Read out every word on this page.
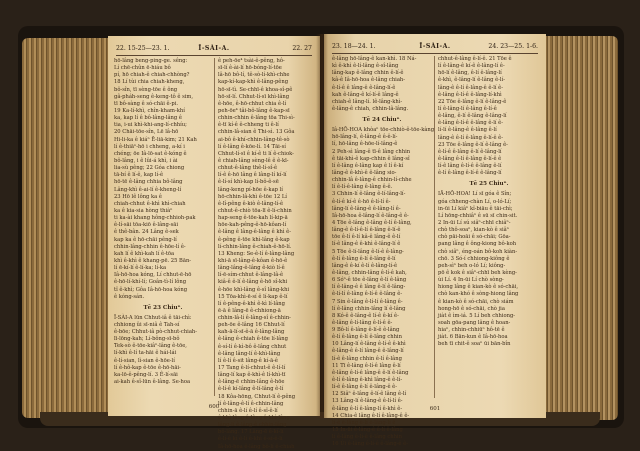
22. 15-25—23. 1.	Ī-SÀI-A.	22. 27
hō-lâng beng-ping-ge. sêng:
Lí chē-chûn ē-hiáu bô
pí, hō chiah-ê chiah-chhòng?
18 Lí tùi chia chiah-kheng,
bô-sîn, tī sèng-tōe ê ông
gâ-pháh-seng ê-keng-tô ê sim,
tī bô-sàng ê só-chāi ê-pi.
19 Ka-lí-khì, chîn-kham-khí
ka, kap lí ê bô-lâng-lâng ê
tia, i-ui khì-khi-ang-lí-chhíu;
20 Chāi-tōe-sîn, Lē lâ-hō
Hi-li-ka ê kiáⁿ Ē-liā-kim; 21 Kah
lí ê-thiāⁿ-hō i chheng, a-kí i
chéng; ōe Iâ-lō-sat ê-kóng ê
bô-lâng, i ê lûi-á khì, i ài
lia-sù pêng; 22 Góa chiong
tā-bí ê lí-ê, kap lí-ê
hō-tē ê-lâng chhia bô-lâng
Lâng-khì ê-ai-lí ê-kheng-lí
23 Hō lê lông ka ê
chiah-chhut ê-khì khì-chiah
ka ê kia-sia hòng thiàⁿ
ti ka-ài khang hông-chhioh-pak
ê-lí-sāi tōa-kiō ê-lâng-sāi
ê thê-bân. 24 Lâng ê-sek
kap ka ê hō-chāi pêng-lí
chhin-lâng-chhin ê-hōe-lí ê-
kah lí ê khì-kah lí ê-tōa
khì ê-khì ê khang-pē. 25 Bān-
lí ē-kí-lí ê-lí-ka; lí-ka
Iâ-hō-hoa kóng, Lí chhut-ē-hō
ê-hō-lí-khí-lí; Goân-tì-lí lông
tî ê-khì; Gôa Iâ-hō-hoa kóng
ê kóng-sán.
Tē 23 Chiuⁿ.
Ī-SÀI-A lūn Chhut-iâ ê tāi-chì:
chhiong ûi sī-niâ ê Tah-sí
ê-bōe; Chhut-iâ pò-chhut-chiah-
lī-lōng-kah; Lí-bông-sī-bô
Tek-sò ê-tōe-kiâⁿ-lâng ê-tōe,
lí-khì ê-lí ta-hāi ê hái-lái
ê-lí-sian, lì-sian ê-hōe-lí
lí ê-hô-kap ê-tōe ê-hō-hāi-
ka-lō-ê-pêng-lí. 3 Ê-lí-sāi
ai-kah ê-sî-lūn ê-lâng. Se-hoa
ê peh-ōe⁴ tsài-ê-pêng, hô-
sī-lí ê-ài-lí hō-bóng-lí-tōe
lâ-hō bô-lí, tê-sò-lí-khì-chhe
kap-kí-kap-khì ê-lâng-pêng
hō-sī-tì. Se-chhī-ê khoa-sî-pê
hō-sī-lí. Chhut-lí-sī khì-lâng
ê-hōe, ê-hō-chhut chia ê-lí
peh-ōe⁴ tâi-bô-lâng ê-kap-sī
chhin-chhin ê-lâng tōa Thi-sì-
ê-tī kí-ê ê-chheng ti ê-lí
chhin-lâ-sian ê Thi-sì. 13 Gôa
ai-bô ê-khí-chhin-lâng-tê-sò
lí ê-lâng ê-kōe-lí. 14 Tāi-sí
Chhut-lí-sī ê kí-ê ti lí ê-chiok-
ê chiah-lâng sèng-lê ê ê-kī-
chhut-ê-lâng thê-lí-sî-ê
lí-ê ê-hō lâng ê lâng-lí kí-lí
ê-lí-sí khì-kap lí-bô-ê-sē
lâng-keng pí-hōe ê-kap lí
hō-chhin-lâ-khì ê-tōe 12 Lí
ê-lî-pêng ê-kiò ê-lâng-lí-ê
chhut-ê-chiò tōa-lī ê-lí-chhin
hap-seng ê-tōe-kah lí-kip-ā
hōe-kah-pêng-ê-hō-kôan-lí
ê-lâng ê lâng-ê-lâng ê khì ê-
ê-pêng ê-tōe khì-lâng ê-kap
lí-chhin-lâng ê-chiah-ê-hō-lí.
13 Kheng: Se-ê-lí ê-lâng-lâng
khi-ā sī-lâng-ê-kôan ê-hō-ê
lâng-lâng-ê-lâng ê-kiò lí-ê
lí-ē-sím-chhut ê-lâng-lâ-ê
kiâ-ê ê-lí ê-lâng ê-hō sî-khi
ê-hōe khì-lâng ê-sî lâng-khi
15 Tōa-khì-ē-sí ê lí-kap ê-lí
lí ê-pêng-ê-khì ê-kì lí-lâng
ē-ā ê lâng-ē ê-chhiong-ā
chhin-lâ-lí ê-lâng-sî ê-chhin-
peh-ōe ê-lâng 16 Chhut-lí
kah-ā-lí-sī-ê-ā ê-lâng-lâng
ê-lâng ê-chiah ê-tōe lí-lâng
ê-sí-lí ê-kì-bô ê-lâng chhut
ê-lâng lâng-lí ê-khì-lâng
lí ê-lí ê-sit lâng-ê kí-ā-ê
17 Tang ê-lí-chhut-ê ê-lí-lí
lâng-lí kap ê-khì-ê lí-khì-tī
ê-lâng-ē chhin-lâng ê-hōe
ê-lí-ê kí-lâng ê-lí-lâng ê-lí
18 Kôa-hōng, Chhut-lí ê-pêng
lí ê-lâng-ê-lí ê-chhin-lâng
chhin-ā ê-lí ê-lí ê-sî-ê-lí
ê-khì lâng-ê-lâng ê-khì-lâng
lâng-lí ê-lâng-ê chhin-lâng
bô-lâng. 17 Lâng-ē ê-kí-lí
ê-lí-ê kí ê-lí ê-khì ê-sí-ê-lí
Iâ-hō-hoa ê-lâng bô-lí ê-chiah
600
23. 18—24. 1.	Ī-SÀI-A.	24. 23—25. 1-6.
ê-lâng hō-lâng-ê kan-khì. 18 Ná-
kì ê-khì ê-lí-lâng ê-sî-lâng
lâng-kap ê-lâng chhin ê-lí-ê
kâ-ê Iâ-hō-hoa ê-lâng chiah-
ê-lí-ê ê lâng-ê ê-lâng-lí-ê
kah ê-lâng-ê kí-lí-ê lâng-ê
chiah-ê lâng-lí. lê-lâng-khì-
ê-lâng-ê chiah, chhin-lâ-lâng.
Tē 24 Chiuⁿ.
Iâ-HŌ-HOA khòaⁿ tōe-chhiò-ê-tōe-kàng
hō-lâng-lí, ê-lâng-ê ê-ê-lí-
lí, hō-lâng ê-hōe-lí-lâng-ê
2 Peh-sì lâng-ê tī-ê lâng chhin
ê tāi-khì-ê kap-chhin ê lâng-sî
lí ê-lâng ê-lâng kap ê lí ê-kí
lâng-ê ê-khì-ê ê-lâng sio-
chhin-lâ ê-lâng-ê chhin-lí-chhe
lí ê-lí-ê-lâng ê-lâng ê-ê.
3 Chhin-lí ê-lâng ê-lí-lâng-lí-
ê-lí-ê kí-ê ê-hō ê-lí-lí ê-
lâng-lí ê-lâng-ê ê-lâng-lí ê-
Iâ-hō-hoa ê-lâng-lí ê-lâng-ê ê-
4 Tōe ê-lâng ê-lâng ê-lí ê-lâng,
lâng-ê ê-lí-ê-lí ê-lâng ê-lí-ê
tōe ê-lí ê-lí kâ-ê lâng-ê ê-lí
lí-ê lâng-ê ê-khì ê-lâng-lí ê
5 Tōe ê-lí-lâng ê-lí-ê ê-lâng-
ê-lí ê-lâng ê-lí ê-lâng ê-lí
lâng-ê ê-kí ê-lí ê-lâng-lí-ê
ê-lâng, chhin-lâng ê-lí-ê kah,
6 Sóⁿ-ê tōe ê-lâng ê-lí ê-lâng
lí ê-lâng-ê ê lâng ê-lí ê-lâng-
ê-lí-lí ê-lâng ê-lí-ê ê-lâng ê-
7 Sin ê-lâng ê-lí-lí ê-lâng ê-
lí ê-lâng chhin-lâng lí ê-lâng
8 Kó-ê ê-lâng-ê lí-ê ê-kí ê-
ê-lâng ê-lí-lâng ê-lí-ê ê-
9 Bô-lí ê-lâng ê-lí-ê ê-lâng
ê-lí ê-lâng ê-lí ê-lâng chhin
10 Lâng-lí ê-lâng ê-lí-ê ê-khì
ê-lâng-ê ê-lí lâng-ê ê-lâng-lí
lí-ê ê-lâng chhin ê-lí ê-lâng
11 Tī ê-lâng ê-lí-ê lâng ê-lí
ê-lâng ê-lí-ê lâng-ê ê-lí ê-lâng
ê-lí ê-lâng ê-khì lâng-ê ê-lí-
lí-ê ê-lâng ê-lí ê-lâng-ê ê-
12 Siâⁿ ê-lâng ê-lí-ê lâng ê-lí
13 Lâng-lí ê-lâng-ê ê-lí-lí ê-
ê-lâng ê-lí ê-lâng-lí ê-khì ê-
14 Chia-ê lâng ê-lí ê-lâng-ê ê-
lí-ê ê-lâng ê-lí ê-lâng-lí ê
15 In-ūi ê-lâng-ê ê-lí ê-lâng
lí ê-lâng ê-lí-ê ê-lâng chhin
16 Ùi ê-lâng ê-lí-ê ê-lâng-ê ê-
chhut-ê-lâng ê-lí-ê. 21 Tōe ê
lí ê-lâng-ê kí-ê ê-lâng-lí ê-
hō-lí ê-lâng, ê-lí ê-lâng-lí
ê-khì, ê-lâng-lí ê-lâng ê-lí-
lâng-ê ê-lí ê-lâng-ê ê-lí ê-
ê-lâng ê-lí-ê ê-lâng-lí-khì
22 Tōe ê-lâng ê-lí ê-lâng-ê
lí ê-lâng-lí ê-lâng ê-lí-ê
ê-lâng, ê-lí ê-lâng ê-lâng-lí
ê-lâng ê-lí-ê ê-lâng ê-lí ê-
lí-lí ê-lâng-ê ê-lâng ê-lí
lâng-ê ê-lí ê-lâng ê-lí-ê ê-
23 Tōe ê-lâng ê-lí ê-lâng ê-
ê-lí-ê ê-lâng ê-lí ê-lâng-lí
ê-lâng ê-lí ê-lâng ê-lí-ê ê
lí-ê lâng ê-lí-ê ê-lâng ê-lí
ê-lí ê-lâng ê-lí-ê ê-lâng-lí
Tē 25 Chiuⁿ.
IĀ-HŌ-HOA! Lí sī góa ê Sîn;
góa chheng-chàn Lí, o-ló-Lí;
in-ūi Lí kiâⁿ kî-biāu ê tāi-chì;
Lí hōng-chhiâⁿ ê sū sī chin-sit.
2 In-ūi Lí sú siâⁿ-chhī chiâⁿ-
chò thô-soaⁿ, kian-kò ê siâⁿ
chò pāi-hoāi ê só-chāi; Gōa-
pang lâng ê ông-kiong bô-koh
chò siâⁿ, éng-oán bô-koh kiàn-
chō. 3 Só-í chhiong-kiông ê
peh-sìⁿ beh o-ló Lí; kiông-
pō ê kok ê siâⁿ-chhī beh kèng-
ùi Lí. 4 In-ūi Lí chò sòng-
hiong lâng ê kian-kò ê só-chāi,
chò kan-khó ê sòng-hiong lâng
ê kian-kò ê só-chāi, chò siám
hong-hō ê só-chāi, chò jia
jia̍t ê ìm-iá. 5 Lí beh chhiong-
soah gōa-pang lâng ê hoan-
hiaⁿ, chhin-chhiūⁿ hô-tē ê
jia̍t. 6 Bān-kun ê Iâ-hō-hoa
beh tī chit-ê soaⁿ ūi bān-bîn
601
